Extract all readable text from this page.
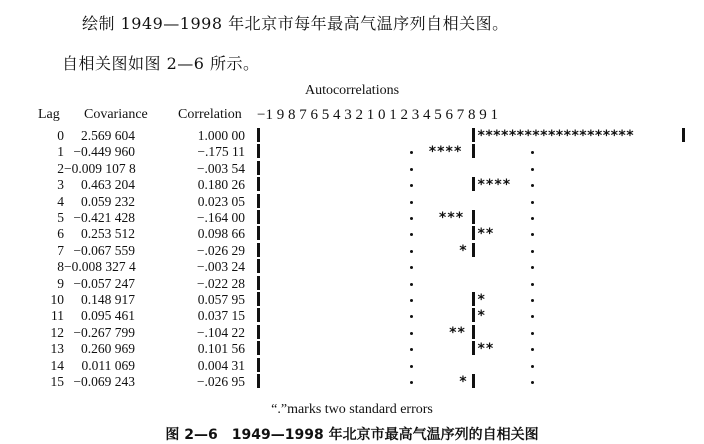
绘制 1949—1998 年北京市每年最高气温序列自相关图。
自相关图如图 2—6 所示。
Autocorrelations
Lag Covariance Correlation −1 9 8 7 6 5 4 3 2 1 0 1 2 3 4 5 6 7 8 9 1
0	2.569 604	1.000 00	********************
1 −0.449 960	−.175 11	****
2 −0.009 107 8	−.003 54
3	0.463 204	0.180 26	****
4	0.059 232	0.023 05
5 −0.421 428	−.164 00	***
6	0.253 512	0.098 66	**
7 −0.067 559	−.026 29	*
8 −0.008 327 4	−.003 24
9 −0.057 247	−.022 28
10	0.148 917	0.057 95	*
11	0.095 461	0.037 15	*
12 −0.267 799	−.104 22	**
13	0.260 969	0.101 56	**
14	0.011 069	0.004 31
15 −0.069 243	−.026 95	*
“.”marks two standard errors
图 2—6　1949—1998 年北京市最高气温序列的自相关图
